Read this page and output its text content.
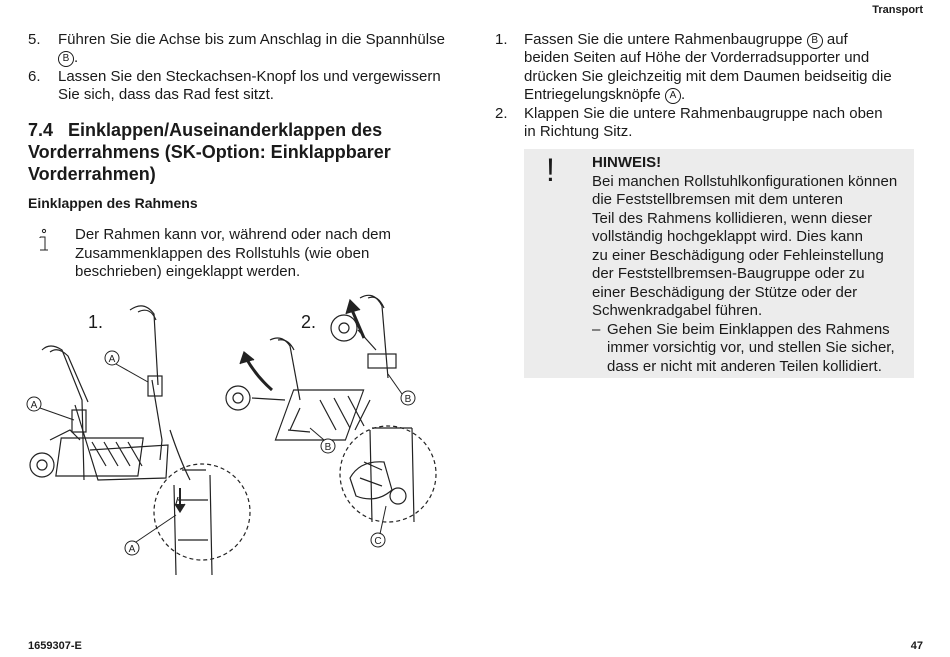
Transport
1659307-E	47
5.	Führen Sie die Achse bis zum Anschlag in die Spannhülse
B .
6.	Lassen Sie den Steckachsen-Knopf los und vergewissern
Sie sich, dass das Rad fest sitzt.
7.4 Einklappen/Auseinanderklappen des
Vorderrahmens (SK-Option: Einklappbarer
Vorderrahmen)
Einklappen des Rahmens
Der Rahmen kann vor, während oder nach dem
Zusammenklappen des Rollstuhls (wie oben
beschrieben) eingeklappt werden.
1.	2.
A
A
A
B
B
C
1.	Fassen Sie die untere Rahmenbaugruppe B auf
beiden Seiten auf Höhe der Vorderradsupporter und
drücken Sie gleichzeitig mit dem Daumen beidseitig die
Entriegelungsknöpfe A .
2.	Klappen Sie die untere Rahmenbaugruppe nach oben
in Richtung Sitz.
! HINWEIS!
Bei manchen Rollstuhlkonfigurationen können
die Feststellbremsen mit dem unteren
Teil des Rahmens kollidieren, wenn dieser
vollständig hochgeklappt wird. Dies kann
zu einer Beschädigung oder Fehleinstellung
der Feststellbremsen-Baugruppe oder zu
einer Beschädigung der Stütze oder der
Schwenkradgabel führen.
– Gehen Sie beim Einklappen des Rahmens
immer vorsichtig vor, und stellen Sie sicher,
dass er nicht mit anderen Teilen kollidiert.
